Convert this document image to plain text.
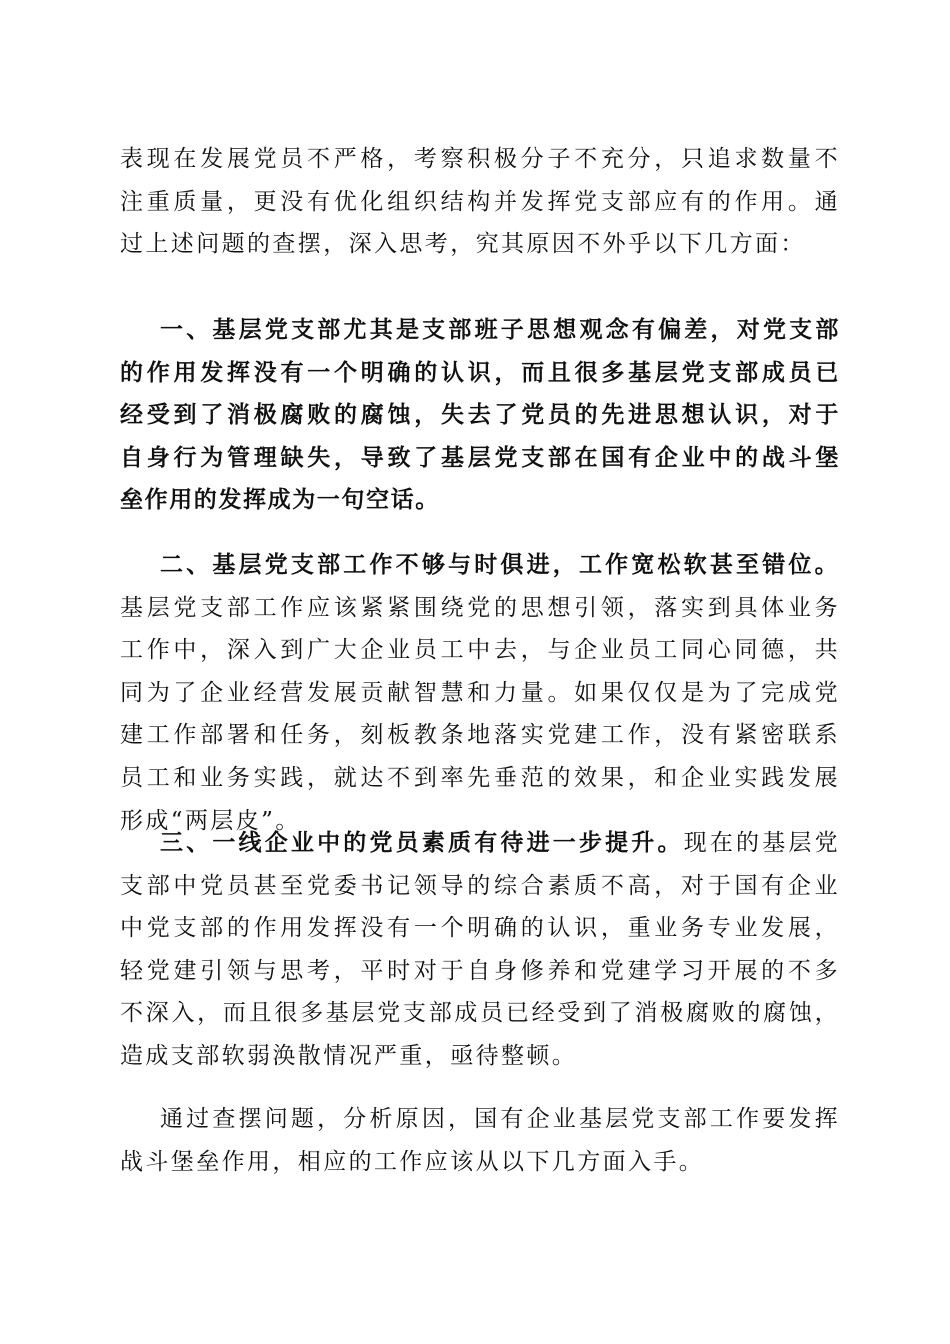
表现在发展党员不严格，考察积极分子不充分，只追求数量不
注重质量，更没有优化组织结构并发挥党支部应有的作用。通
过上述问题的查摆，深入思考，究其原因不外乎以下几方面：
一、基层党支部尤其是支部班子思想观念有偏差，对党支部
的作用发挥没有一个明确的认识，而且很多基层党支部成员已
经受到了消极腐败的腐蚀，失去了党员的先进思想认识，对于
自身行为管理缺失，导致了基层党支部在国有企业中的战斗堡
垒作用的发挥成为一句空话。
二、基层党支部工作不够与时俱进，工作宽松软甚至错位。
基层党支部工作应该紧紧围绕党的思想引领，落实到具体业务
工作中，深入到广大企业员工中去，与企业员工同心同德，共
同为了企业经营发展贡献智慧和力量。如果仅仅是为了完成党
建工作部署和任务，刻板教条地落实党建工作，没有紧密联系
员工和业务实践，就达不到率先垂范的效果，和企业实践发展
形成“两层皮”。
三、一线企业中的党员素质有待进一步提升。现在的基层党
支部中党员甚至党委书记领导的综合素质不高，对于国有企业
中党支部的作用发挥没有一个明确的认识，重业务专业发展，
轻党建引领与思考，平时对于自身修养和党建学习开展的不多
不深入，而且很多基层党支部成员已经受到了消极腐败的腐蚀，
造成支部软弱涣散情况严重，亟待整顿。
通过查摆问题，分析原因，国有企业基层党支部工作要发挥
战斗堡垒作用，相应的工作应该从以下几方面入手。
